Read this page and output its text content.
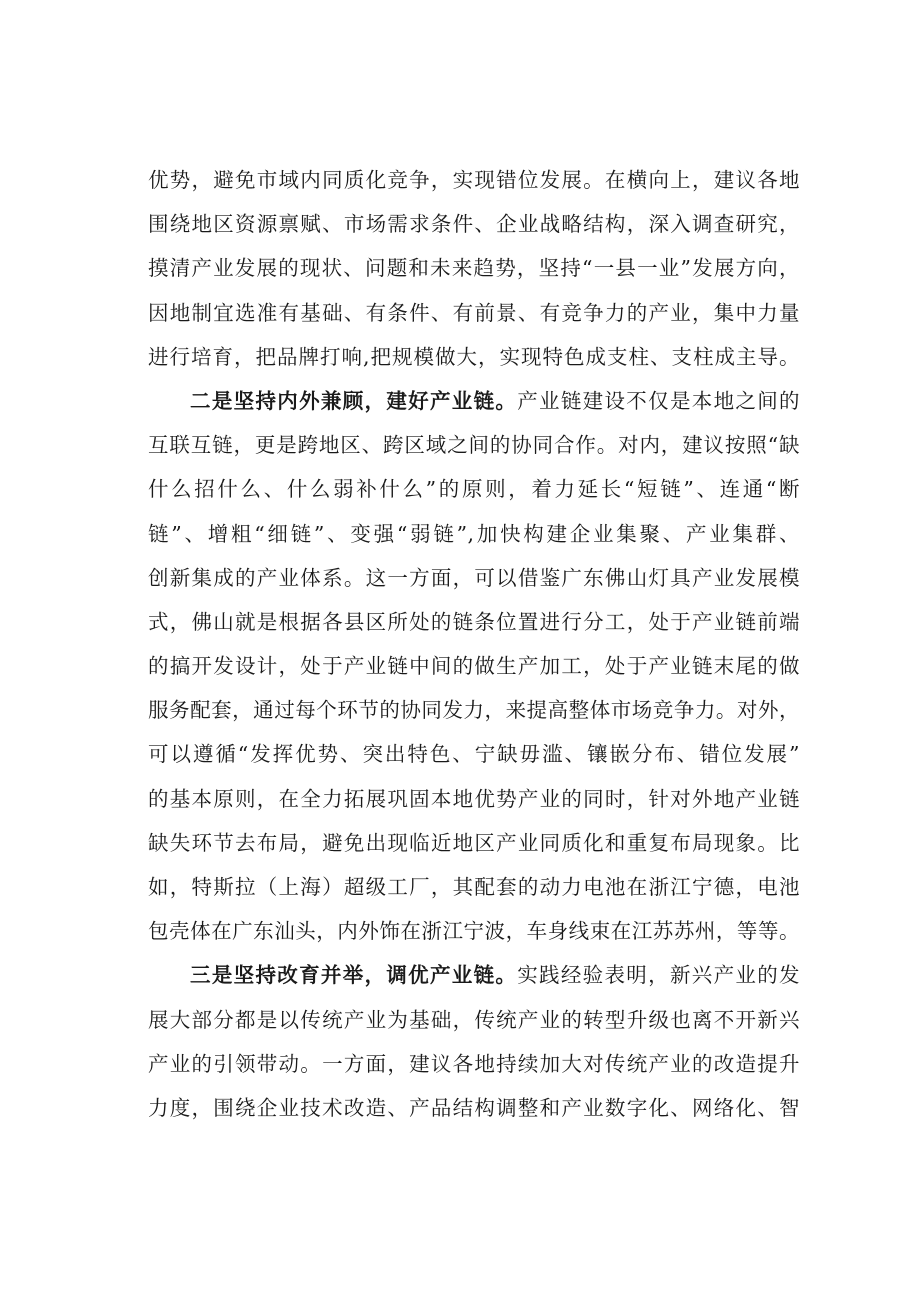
优势，避免市域内同质化竞争，实现错位发展。在横向上，建议各地
围绕地区资源禀赋、市场需求条件、企业战略结构，深入调查研究，
摸清产业发展的现状、问题和未来趋势，坚持“一县一业”发展方向，
因地制宜选准有基础、有条件、有前景、有竞争力的产业，集中力量
进行培育，把品牌打响,把规模做大，实现特色成支柱、支柱成主导。
二是坚持内外兼顾，建好产业链。产业链建设不仅是本地之间的
互联互链，更是跨地区、跨区域之间的协同合作。对内，建议按照“缺
什么招什么、什么弱补什么”的原则，着力延长“短链”、连通“断
链”、增粗“细链”、变强“弱链”,加快构建企业集聚、产业集群、
创新集成的产业体系。这一方面，可以借鉴广东佛山灯具产业发展模
式，佛山就是根据各县区所处的链条位置进行分工，处于产业链前端
的搞开发设计，处于产业链中间的做生产加工，处于产业链末尾的做
服务配套，通过每个环节的协同发力，来提高整体市场竞争力。对外，
可以遵循“发挥优势、突出特色、宁缺毋滥、镶嵌分布、错位发展”
的基本原则，在全力拓展巩固本地优势产业的同时，针对外地产业链
缺失环节去布局，避免出现临近地区产业同质化和重复布局现象。比
如，特斯拉（上海）超级工厂，其配套的动力电池在浙江宁德，电池
包壳体在广东汕头，内外饰在浙江宁波，车身线束在江苏苏州，等等。
三是坚持改育并举，调优产业链。实践经验表明，新兴产业的发
展大部分都是以传统产业为基础，传统产业的转型升级也离不开新兴
产业的引领带动。一方面，建议各地持续加大对传统产业的改造提升
力度，围绕企业技术改造、产品结构调整和产业数字化、网络化、智
